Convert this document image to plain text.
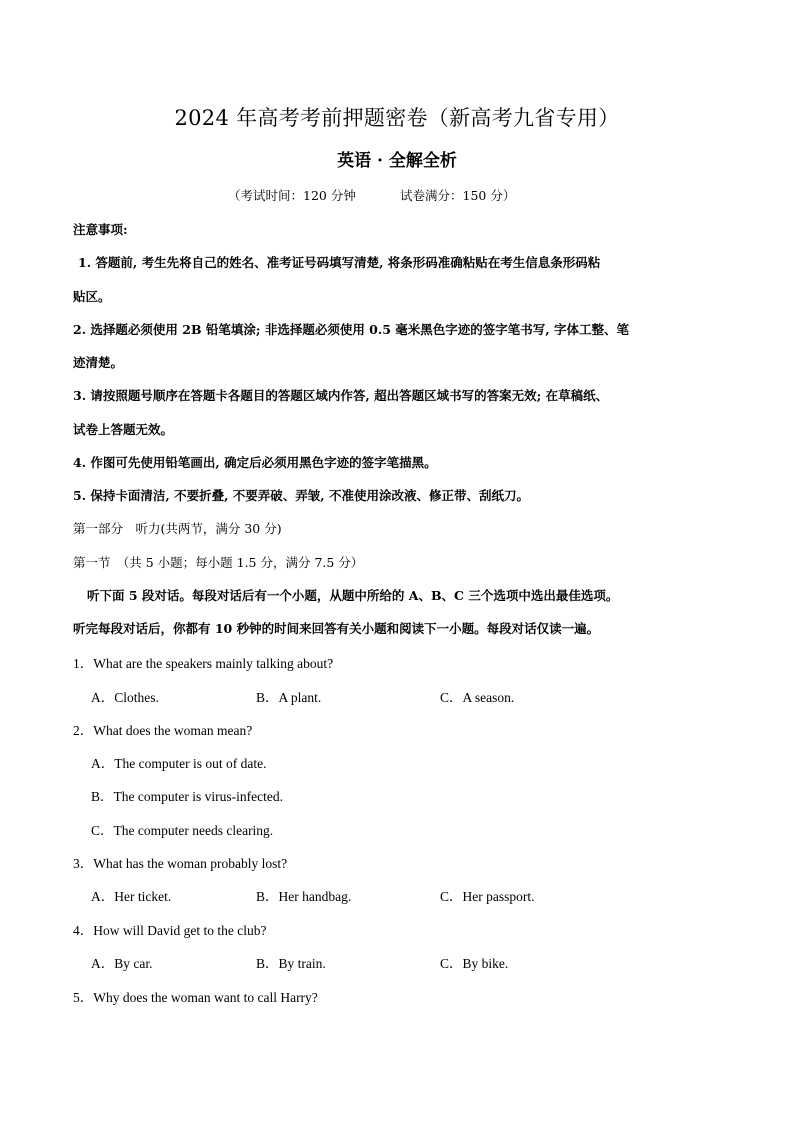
2024 年高考考前押题密卷（新高考九省专用）
英语 · 全解全析
（考试时间：120 分钟	试卷满分：150 分）
注意事项:
1. 答题前, 考生先将自己的姓名、准考证号码填写清楚, 将条形码准确粘贴在考生信息条形码粘
贴区。
2. 选择题必须使用 2B 铅笔填涂; 非选择题必须使用 0.5 毫米黑色字迹的签字笔书写, 字体工整、笔
迹清楚。
3. 请按照题号顺序在答题卡各题目的答题区域内作答, 超出答题区域书写的答案无效; 在草稿纸、
试卷上答题无效。
4. 作图可先使用铅笔画出, 确定后必须用黑色字迹的签字笔描黑。
5. 保持卡面清洁, 不要折叠, 不要弄破、弄皱, 不准使用涂改液、修正带、刮纸刀。
第一部分　听力(共两节，满分 30 分)
第一节　（共 5 小题；每小题 1.5 分，满分 7.5 分）
听下面 5 段对话。每段对话后有一个小题，从题中所给的 A、B、C 三个选项中选出最佳选项。
听完每段对话后，你都有 10 秒钟的时间来回答有关小题和阅读下一小题。每段对话仅读一遍。
1．What are the speakers mainly talking about?
A．Clothes.	B．A plant.	C．A season.
2．What does the woman mean?
A．The computer is out of date.
B．The computer is virus-infected.
C．The computer needs clearing.
3．What has the woman probably lost?
A．Her ticket.	B．Her handbag.	C．Her passport.
4．How will David get to the club?
A．By car.	B．By train.	C．By bike.
5．Why does the woman want to call Harry?
